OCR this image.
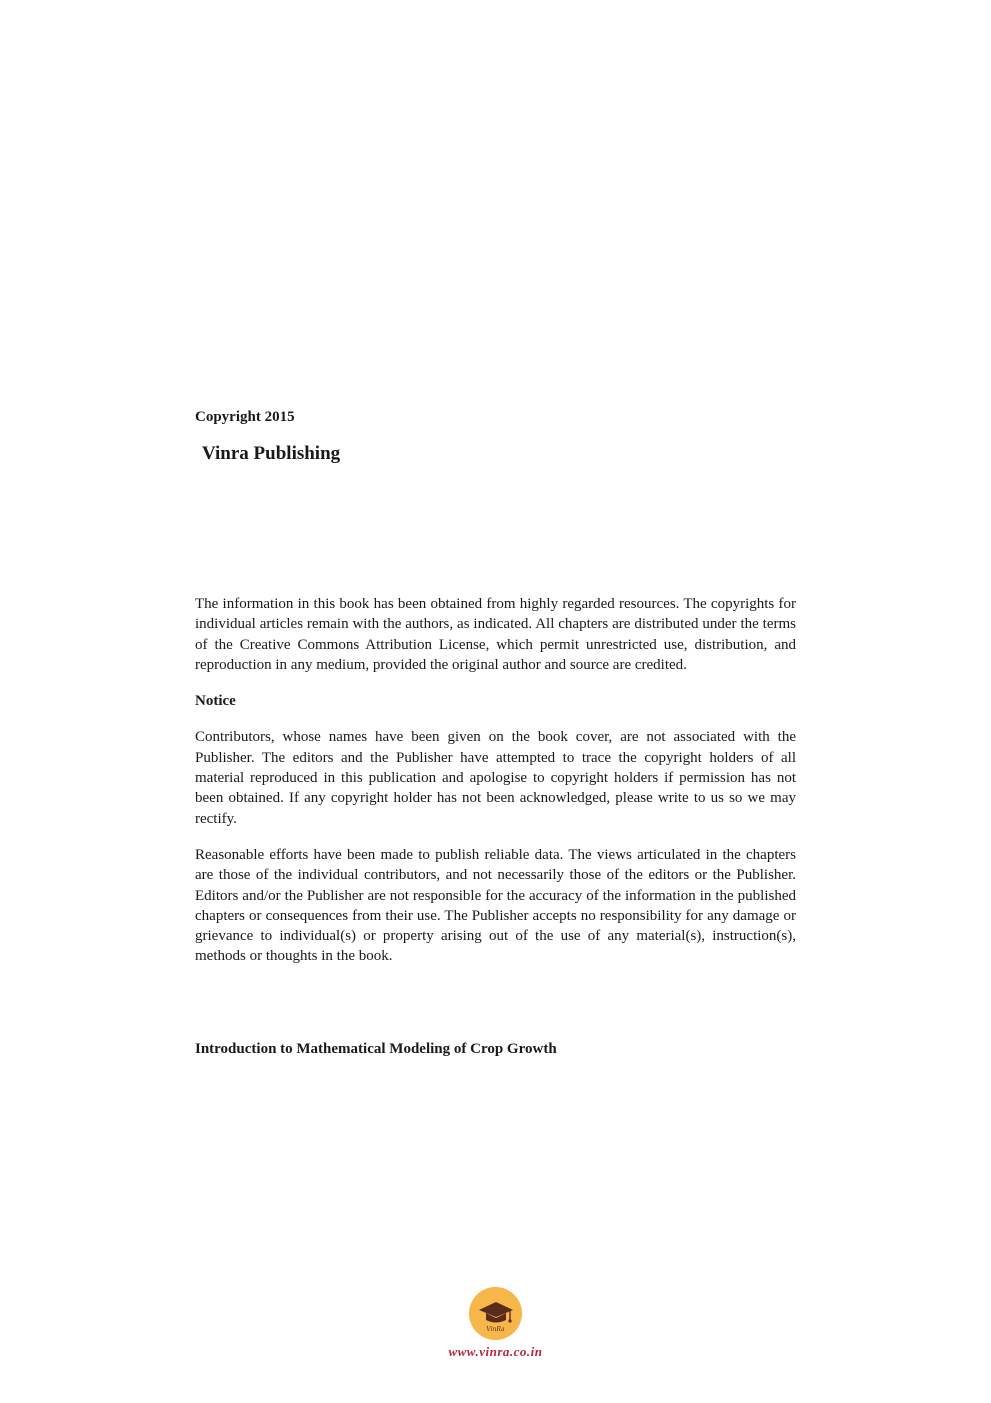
Copyright 2015

Vinra Publishing

The information in this book has been obtained from highly regarded resources. The copyrights for individual articles remain with the authors, as indicated. All chapters are distributed under the terms of the Creative Commons Attribution License, which permit unrestricted use, distribution, and reproduction in any medium, provided the original author and source are credited.

Notice

Contributors, whose names have been given on the book cover, are not associated with the Publisher. The editors and the Publisher have attempted to trace the copyright holders of all material reproduced in this publication and apologise to copyright holders if permission has not been obtained. If any copyright holder has not been acknowledged, please write to us so we may rectify.

Reasonable efforts have been made to publish reliable data. The views articulated in the chapters are those of the individual contributors, and not necessarily those of the editors or the Publisher. Editors and/or the Publisher are not responsible for the accuracy of the information in the published chapters or consequences from their use. The Publisher accepts no responsibility for any damage or grievance to individual(s) or property arising out of the use of any material(s), instruction(s), methods or thoughts in the book.

Introduction to Mathematical Modeling of Crop Growth

VinRa

www.vinra.co.in
